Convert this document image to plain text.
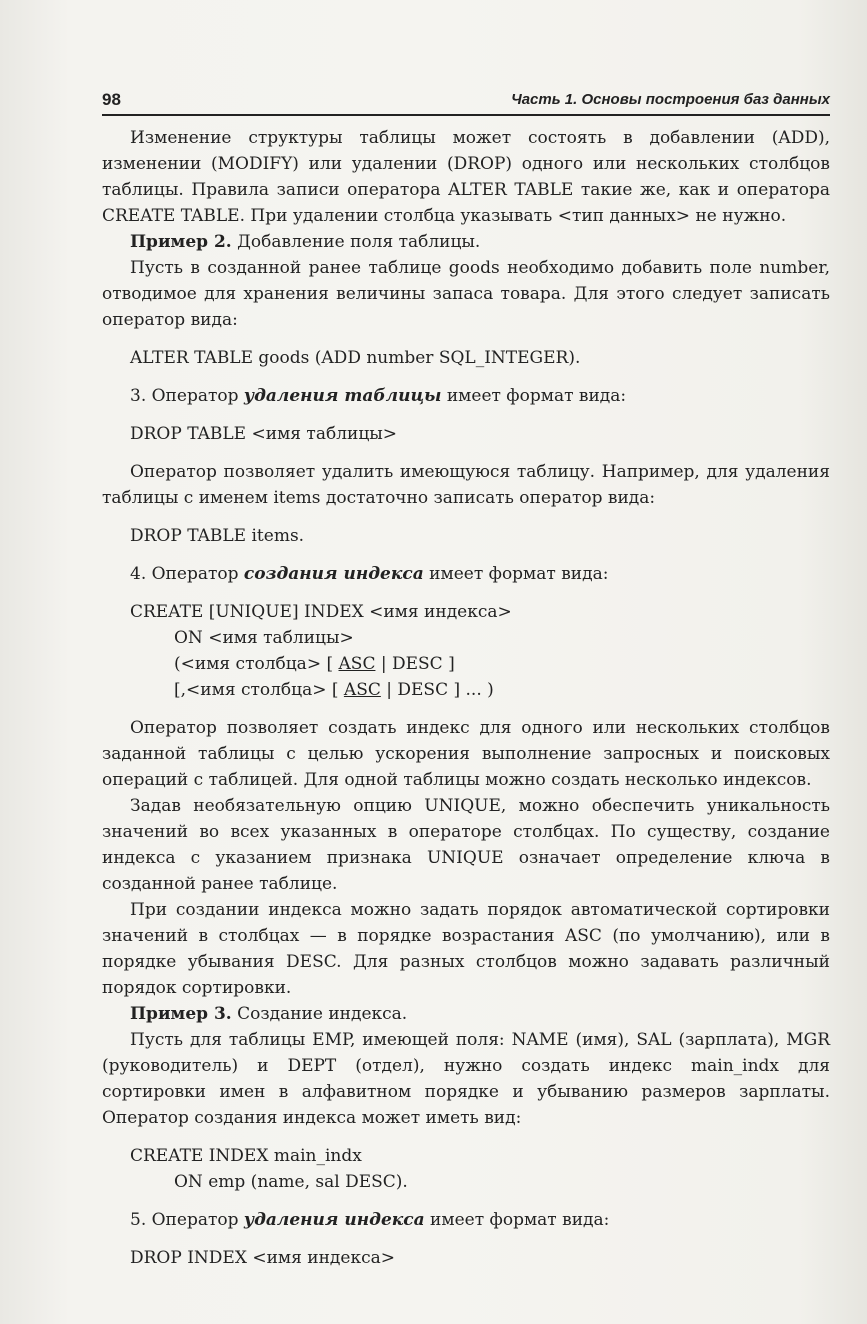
98	Часть 1. Основы построения баз данных

Изменение структуры таблицы может состоять в добавлении (ADD), изменении (MODIFY) или удалении (DROP) одного или нескольких столбцов таблицы. Правила записи оператора ALTER TABLE такие же, как и оператора CREATE TABLE. При удалении столбца указывать <тип данных> не нужно.

Пример 2. Добавление поля таблицы.

Пусть в созданной ранее таблице goods необходимо добавить поле number, отводимое для хранения величины запаса товара. Для этого следует записать оператор вида:

ALTER TABLE goods (ADD number SQL_INTEGER).

3. Оператор удаления таблицы имеет формат вида:

DROP TABLE <имя таблицы>

Оператор позволяет удалить имеющуюся таблицу. Например, для удаления таблицы с именем items достаточно записать оператор вида:

DROP TABLE items.

4. Оператор создания индекса имеет формат вида:

CREATE [UNIQUE] INDEX <имя индекса>

ON <имя таблицы>

(<имя столбца> [ ASC | DESC ]

[,<имя столбца> [ ASC | DESC ] ... )

Оператор позволяет создать индекс для одного или нескольких столбцов заданной таблицы с целью ускорения выполнение запросных и поисковых операций с таблицей. Для одной таблицы можно создать несколько индексов.

Задав необязательную опцию UNIQUE, можно обеспечить уникальность значений во всех указанных в операторе столбцах. По существу, создание индекса с указанием признака UNIQUE означает определение ключа в созданной ранее таблице.

При создании индекса можно задать порядок автоматической сортировки значений в столбцах — в порядке возрастания ASC (по умолчанию), или в порядке убывания DESC. Для разных столбцов можно задавать различный порядок сортировки.

Пример 3. Создание индекса.

Пусть для таблицы EMP, имеющей поля: NAME (имя), SAL (зарплата), MGR (руководитель) и DEPT (отдел), нужно создать индекс main_indx для сортировки имен в алфавитном порядке и убыванию размеров зарплаты. Оператор создания индекса может иметь вид:

CREATE INDEX main_indx

ON emp (name, sal DESC).

5. Оператор удаления индекса имеет формат вида:

DROP INDEX <имя индекса>
